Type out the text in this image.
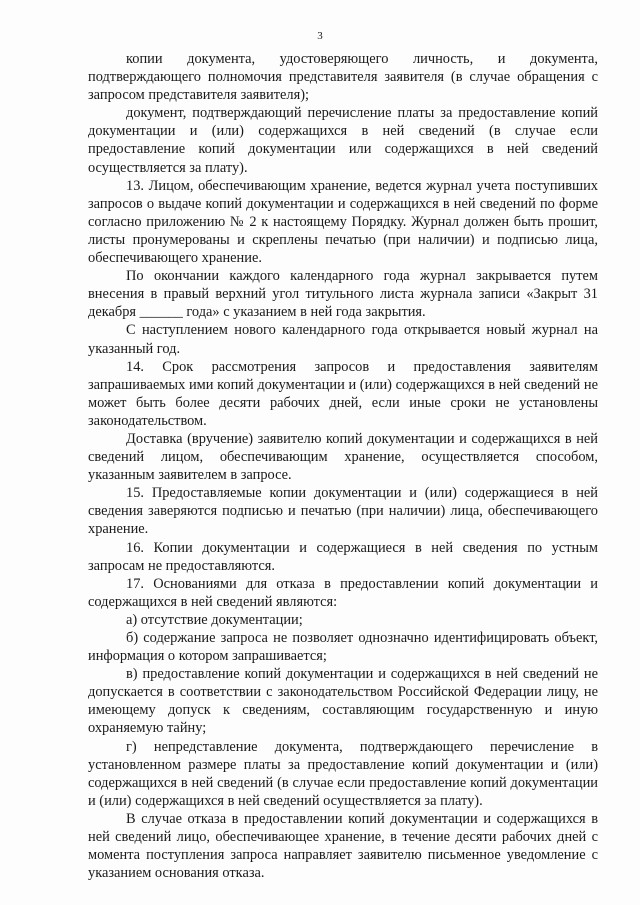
3

копии документа, удостоверяющего личность, и документа, подтверждающего полномочия представителя заявителя (в случае обращения с запросом представителя заявителя);

документ, подтверждающий перечисление платы за предоставление копий документации и (или) содержащихся в ней сведений (в случае если предоставление копий документации или содержащихся в ней сведений осуществляется за плату).

13. Лицом, обеспечивающим хранение, ведется журнал учета поступивших запросов о выдаче копий документации и содержащихся в ней сведений по форме согласно приложению № 2 к настоящему Порядку. Журнал должен быть прошит, листы пронумерованы и скреплены печатью (при наличии) и подписью лица, обеспечивающего хранение.

По окончании каждого календарного года журнал закрывается путем внесения в правый верхний угол титульного листа журнала записи «Закрыт 31 декабря ______ года» с указанием в ней года закрытия.

С наступлением нового календарного года открывается новый журнал на указанный год.

14. Срок рассмотрения запросов и предоставления заявителям запрашиваемых ими копий документации и (или) содержащихся в ней сведений не может быть более десяти рабочих дней, если иные сроки не установлены законодательством.

Доставка (вручение) заявителю копий документации и содержащихся в ней сведений лицом, обеспечивающим хранение, осуществляется способом, указанным заявителем в запросе.

15. Предоставляемые копии документации и (или) содержащиеся в ней сведения заверяются подписью и печатью (при наличии) лица, обеспечивающего хранение.

16. Копии документации и содержащиеся в ней сведения по устным запросам не предоставляются.

17. Основаниями для отказа в предоставлении копий документации и содержащихся в ней сведений являются:

а) отсутствие документации;

б) содержание запроса не позволяет однозначно идентифицировать объект, информация о котором запрашивается;

в) предоставление копий документации и содержащихся в ней сведений не допускается в соответствии с законодательством Российской Федерации лицу, не имеющему допуск к сведениям, составляющим государственную и иную охраняемую тайну;

г) непредставление документа, подтверждающего перечисление в установленном размере платы за предоставление копий документации и (или) содержащихся в ней сведений (в случае если предоставление копий документации и (или) содержащихся в ней сведений осуществляется за плату).

В случае отказа в предоставлении копий документации и содержащихся в ней сведений лицо, обеспечивающее хранение, в течение десяти рабочих дней с момента поступления запроса направляет заявителю письменное уведомление с указанием основания отказа.
